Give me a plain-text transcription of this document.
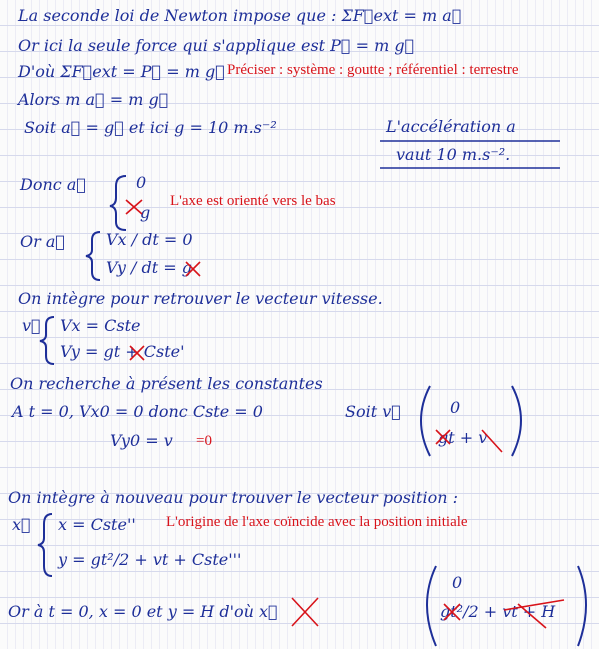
La seconde loi de Newton impose que : ΣF⃗ext = m a⃗
Or ici la seule force qui s'applique est P⃗ = m g⃗
D'où ΣF⃗ext = P⃗ = m g⃗
Alors m a⃗ = m g⃗
Soit a⃗ = g⃗ et ici g = 10 m.s⁻²	L'accélération a
vaut 10 m.s⁻².
Donc a⃗	0
g
Or a⃗	Vx / dt = 0
Vy / dt = g
On intègre pour retrouver le vecteur vitesse.
v⃗ Vx = Cste
Vy = gt + Cste'
On recherche à présent les constantes
A t = 0, Vx0 = 0 donc Cste = 0	Soit v⃗	0
gt + v
Vy0 = v
On intègre à nouveau pour trouver le vecteur position :
x⃗ x = Cste''
y = gt²/2 + vt + Cste'''
Or à t = 0, x = 0 et y = H d'où x⃗
0
gt²/2 + vt + H
Préciser : système : goutte ; référentiel : terrestre
L'axe est orienté vers le bas
=0
L'origine de l'axe coïncide avec la position initiale
